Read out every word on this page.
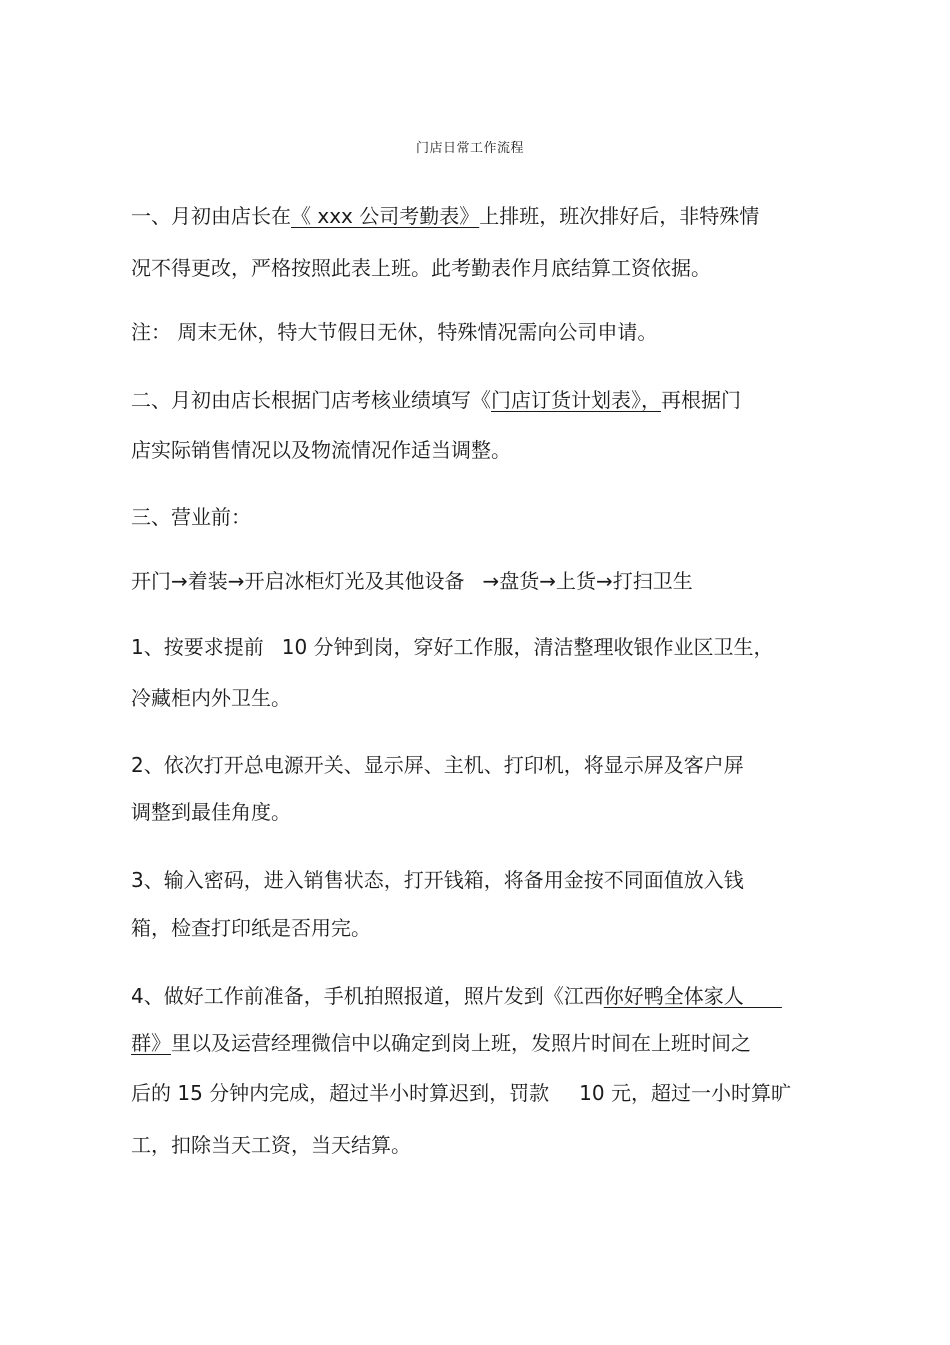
门店日常工作流程
一、月初由店长在《 xxx 公司考勤表》上排班，班次排好后，非特殊情
况不得更改，严格按照此表上班。此考勤表作月底结算工资依据。
注： 周末无休，特大节假日无休，特殊情况需向公司申请。
二、月初由店长根据门店考核业绩填写《门店订货计划表》，再根据门
店实际销售情况以及物流情况作适当调整。
三、营业前：
开门→着装→开启冰柜灯光及其他设备 →盘货→上货→打扫卫生
1、按要求提前 10 分钟到岗，穿好工作服，清洁整理收银作业区卫生，
冷藏柜内外卫生。
2、依次打开总电源开关、显示屏、主机、打印机，将显示屏及客户屏
调整到最佳角度。
3、输入密码，进入销售状态，打开钱箱，将备用金按不同面值放入钱
箱，检查打印纸是否用完。
4、做好工作前准备，手机拍照报道，照片发到《江西你好鸭全体家人
群》里以及运营经理微信中以确定到岗上班，发照片时间在上班时间之
后的 15 分钟内完成，超过半小时算迟到，罚款 10 元，超过一小时算旷
工，扣除当天工资，当天结算。
